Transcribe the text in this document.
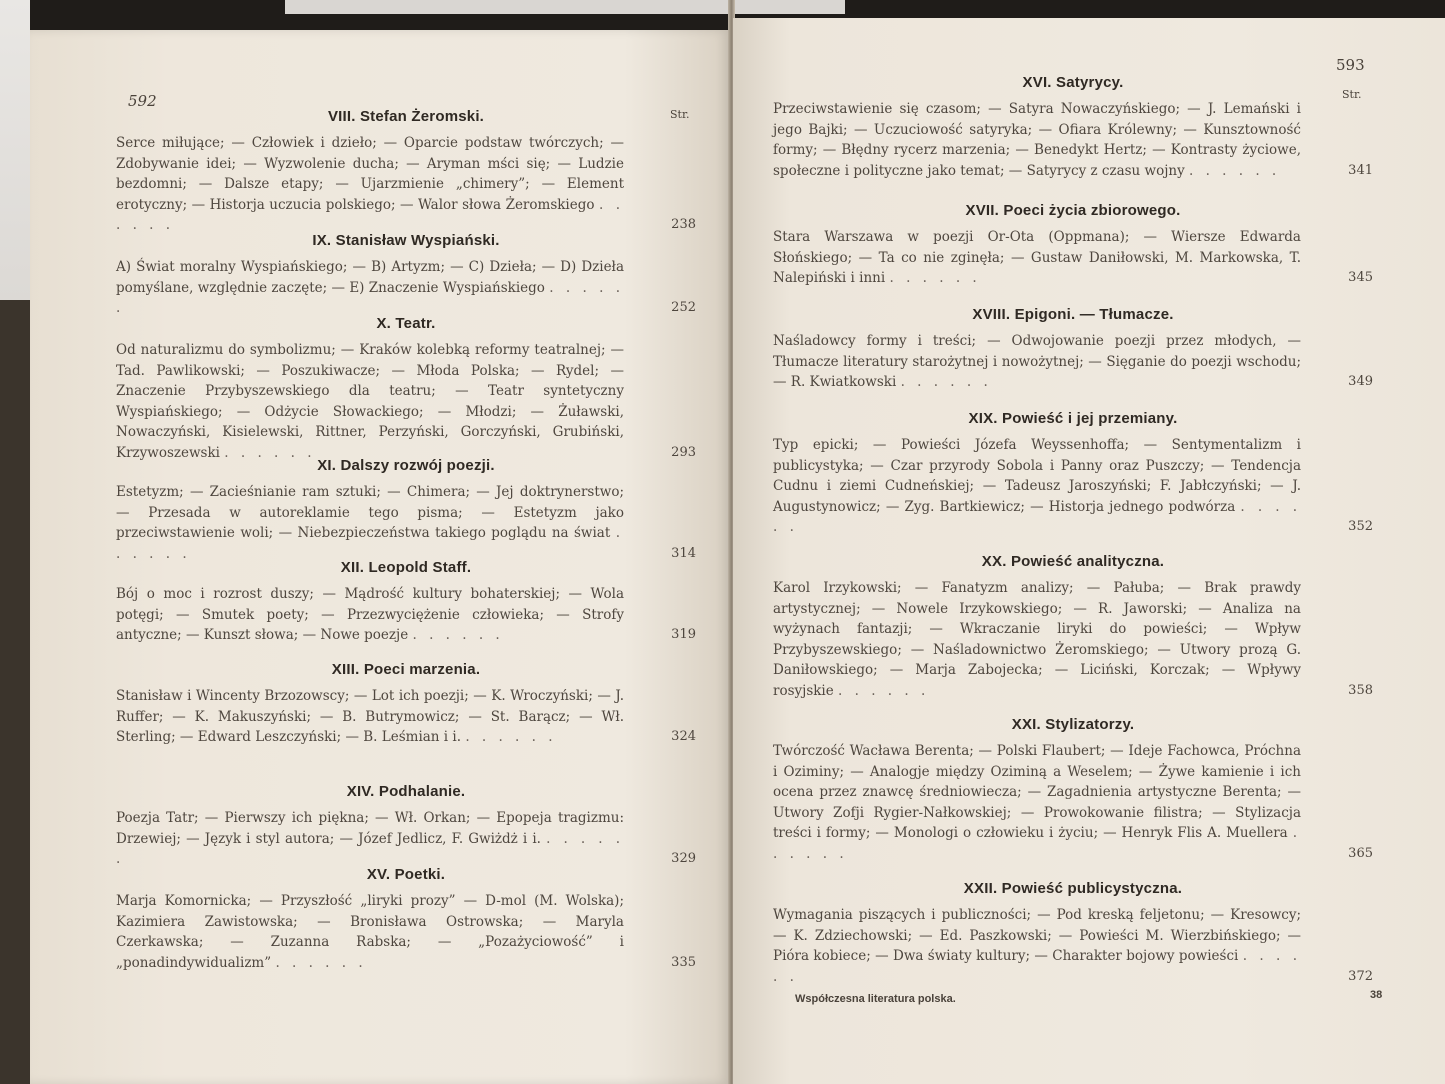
592
Str.
VIII. Stefan Żeromski.
Serce miłujące; — Człowiek i dzieło; — Oparcie podstaw twórczych; — Zdobywanie idei; — Wyzwolenie ducha; — Aryman mści się; — Ludzie bezdomni; — Dalsze etapy; — Ujarzmienie „chimery”; — Element erotyczny; — Historja uczucia polskiego; — Walor słowa Żeromskiego . . . . . .	238
IX. Stanisław Wyspiański.
A) Świat moralny Wyspiańskiego; — B) Artyzm; — C) Dzieła; — D) Dzieła pomyślane, względnie zaczęte; — E) Znaczenie Wyspiańskiego . . . . . .	252
X. Teatr.
Od naturalizmu do symbolizmu; — Kraków kolebką reformy teatralnej; — Tad. Pawlikowski; — Poszukiwacze; — Młoda Polska; — Rydel; — Znaczenie Przybyszewskiego dla teatru; — Teatr syntetyczny Wyspiańskiego; — Odżycie Słowackiego; — Młodzi; — Żuławski, Nowaczyński, Kisielewski, Rittner, Perzyński, Gorczyński, Grubiński, Krzywoszewski . . . . . .	293
XI. Dalszy rozwój poezji.
Estetyzm; — Zacieśnianie ram sztuki; — Chimera; — Jej doktrynerstwo; — Przesada w autoreklamie tego pisma; — Estetyzm jako przeciwstawienie woli; — Niebezpieczeństwa takiego poglądu na świat . . . . . .	314
XII. Leopold Staff.
Bój o moc i rozrost duszy; — Mądrość kultury bohaterskiej; — Wola potęgi; — Smutek poety; — Przezwyciężenie człowieka; — Strofy antyczne; — Kunszt słowa; — Nowe poezje . . . . . .	319
XIII. Poeci marzenia.
Stanisław i Wincenty Brzozowscy; — Lot ich poezji; — K. Wroczyński; — J. Ruffer; — K. Makuszyński; — B. Butrymowicz; — St. Barącz; — Wł. Sterling; — Edward Leszczyński; — B. Leśmian i i. . . . . . .	324
XIV. Podhalanie.
Poezja Tatr; — Pierwszy ich piękna; — Wł. Orkan; — Epopeja tragizmu: Drzewiej; — Język i styl autora; — Józef Jedlicz, F. Gwiżdż i i. . . . . . .	329
XV. Poetki.
Marja Komornicka; — Przyszłość „liryki prozy” — D-mol (M. Wolska); Kazimiera Zawistowska; — Bronisława Ostrowska; — Maryla Czerkawska; — Zuzanna Rabska; — „Pozażyciowość” i „ponadindywidualizm” . . . . . .	335
593
Str.
XVI. Satyrycy.
Przeciwstawienie się czasom; — Satyra Nowaczyńskiego; — J. Lemański i jego Bajki; — Uczuciowość satyryka; — Ofiara Królewny; — Kunsztowność formy; — Błędny rycerz marzenia; — Benedykt Hertz; — Kontrasty życiowe, społeczne i polityczne jako temat; — Satyrycy z czasu wojny . . . . . .	341
XVII. Poeci życia zbiorowego.
Stara Warszawa w poezji Or-Ota (Oppmana); — Wiersze Edwarda Słońskiego; — Ta co nie zginęła; — Gustaw Daniłowski, M. Markowska, T. Nalepiński i inni . . . . . .	345
XVIII. Epigoni. — Tłumacze.
Naśladowcy formy i treści; — Odwojowanie poezji przez młodych, — Tłumacze literatury starożytnej i nowożytnej; — Sięganie do poezji wschodu; — R. Kwiatkowski . . . . . .	349
XIX. Powieść i jej przemiany.
Typ epicki; — Powieści Józefa Weyssenhoffa; — Sentymentalizm i publicystyka; — Czar przyrody Sobola i Panny oraz Puszczy; — Tendencja Cudnu i ziemi Cudneńskiej; — Tadeusz Jaroszyński; F. Jabłczyński; — J. Augustynowicz; — Zyg. Bartkiewicz; — Historja jednego podwórza . . . . . .	352
XX. Powieść analityczna.
Karol Irzykowski; — Fanatyzm analizy; — Pałuba; — Brak prawdy artystycznej; — Nowele Irzykowskiego; — R. Jaworski; — Analiza na wyżynach fantazji; — Wkraczanie liryki do powieści; — Wpływ Przybyszewskiego; — Naśladownictwo Żeromskiego; — Utwory prozą G. Daniłowskiego; — Marja Zabojecka; — Liciński, Korczak; — Wpływy rosyjskie . . . . . .	358
XXI. Stylizatorzy.
Twórczość Wacława Berenta; — Polski Flaubert; — Ideje Fachowca, Próchna i Oziminy; — Analogje między Oziminą a Weselem; — Żywe kamienie i ich ocena przez znawcę średniowiecza; — Zagadnienia artystyczne Berenta; — Utwory Zofji Rygier-Nałkowskiej; — Prowokowanie filistra; — Stylizacja treści i formy; — Monologi o człowieku i życiu; — Henryk Flis A. Muellera . . . . . .	365
XXII. Powieść publicystyczna.
Wymagania piszących i publiczności; — Pod kreską feljetonu; — Kresowcy; — K. Zdziechowski; — Ed. Paszkowski; — Powieści M. Wierzbińskiego; — Pióra kobiece; — Dwa światy kultury; — Charakter bojowy powieści . . . . . .	372
Współczesna literatura polska.	38
